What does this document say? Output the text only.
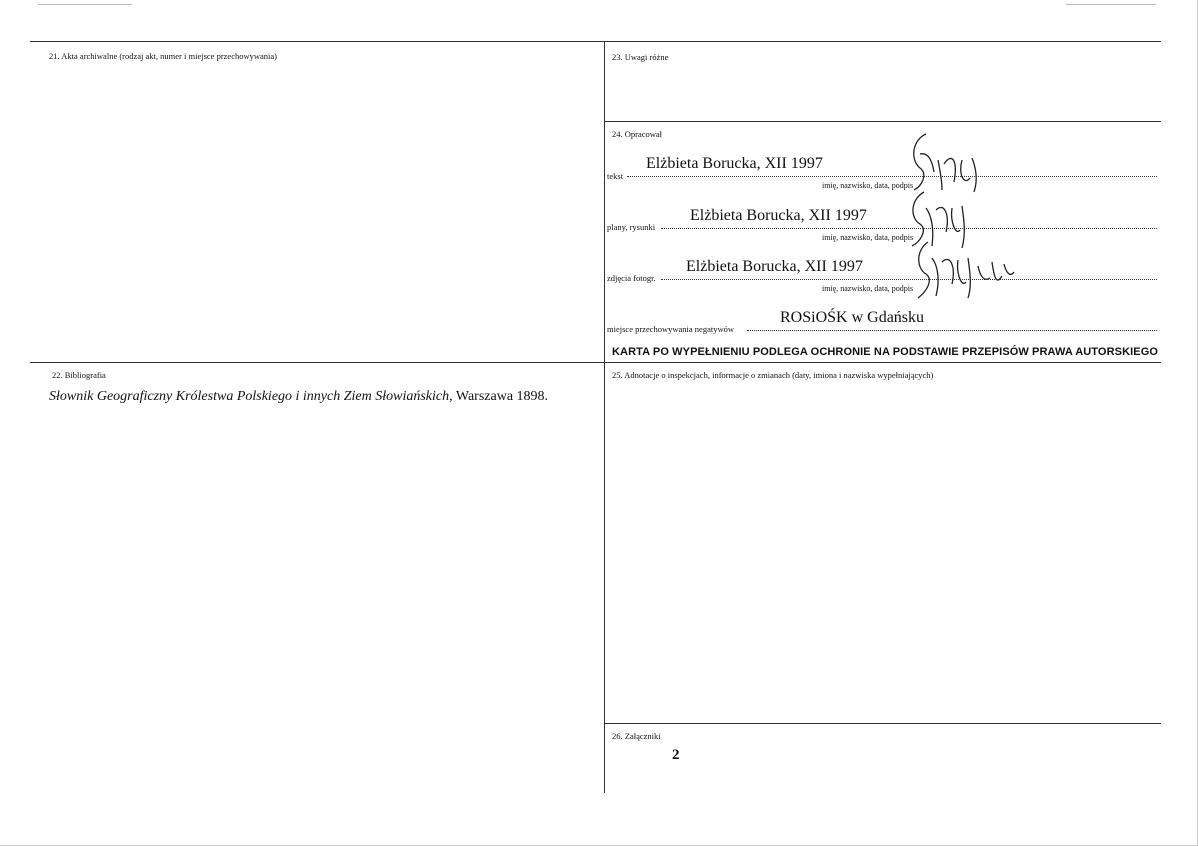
21. Akta archiwalne (rodzaj akt, numer i miejsce przechowywania)	23. Uwagi różne
24. Opracował
tekst
Elżbieta Borucka, XII 1997
imię, nazwisko, data, podpis
plany, rysunki
Elżbieta Borucka, XII 1997
imię, nazwisko, data, podpis
zdjęcia fotogr.
Elżbieta Borucka, XII 1997
imię, nazwisko, data, podpis
miejsce przechowywania negatywów
ROSiOŚK w Gdańsku
KARTA PO WYPEŁNIENIU PODLEGA OCHRONIE NA PODSTAWIE PRZEPISÓW PRAWA AUTORSKIEGO
22. Bibliografia
Słownik Geograficzny Królestwa Polskiego i innych Ziem Słowiańskich, Warszawa 1898.
25. Adnotacje o inspekcjach, informacje o zmianach (daty, imiona i nazwiska wypełniających)
26. Załączniki
2
